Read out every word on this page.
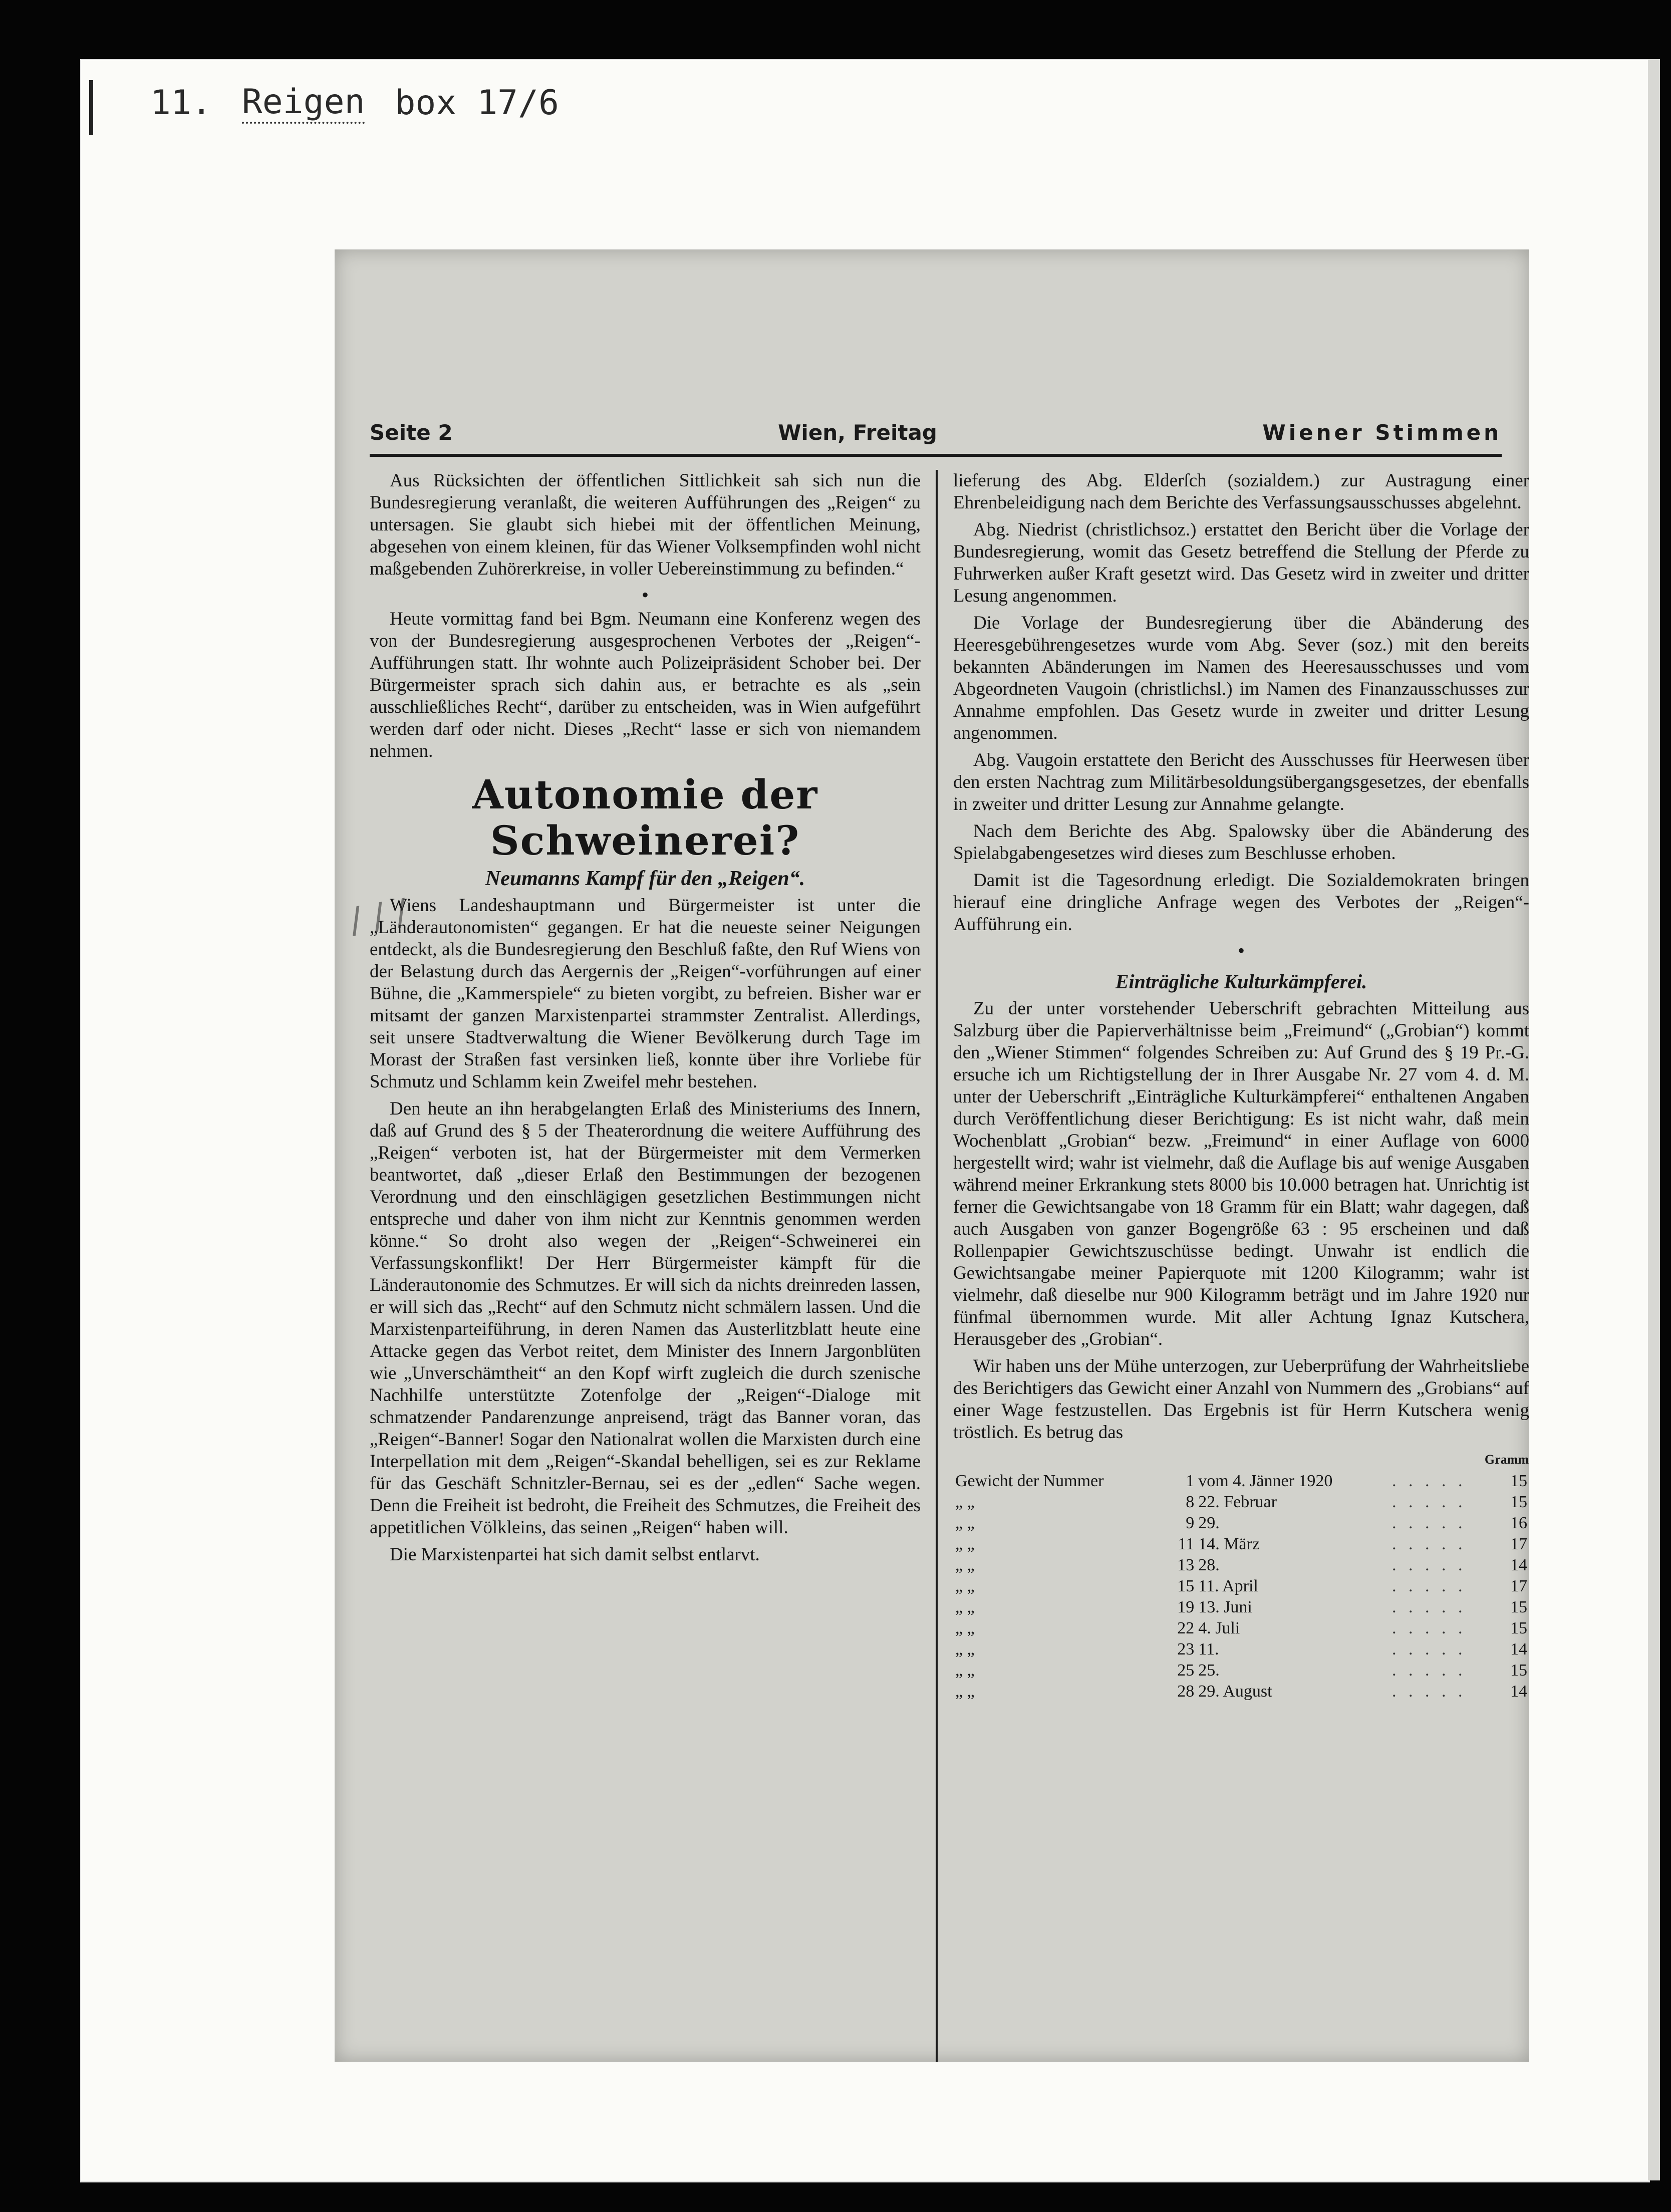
11. Reigen box 17/6
Seite 2	Wien, Freitag	Wiener Stimmen

Aus Rücksichten der öffentlichen Sittlichkeit sah sich nun die Bundesregierung veranlaßt, die weiteren Aufführungen des „Reigen“ zu untersagen. Sie glaubt sich hiebei mit der öffentlichen Meinung, abgesehen von einem kleinen, für das Wiener Volksempfinden wohl nicht maßgebenden Zuhörerkreise, in voller Uebereinstimmung zu befinden.“

•

Heute vormittag fand bei Bgm. Neumann eine Konferenz wegen des von der Bundesregierung ausgesprochenen Verbotes der „Reigen“-Aufführungen statt. Ihr wohnte auch Polizeipräsident Schober bei. Der Bürgermeister sprach sich dahin aus, er betrachte es als „sein ausschließliches Recht“, darüber zu entscheiden, was in Wien aufgeführt werden darf oder nicht. Dieses „Recht“ lasse er sich von niemandem nehmen.

Autonomie der
Schweinerei?
Neumanns Kampf für den „Reigen“.

Wiens Landeshauptmann und Bürgermeister ist unter die „Länderautonomisten“ gegangen. Er hat die neueste seiner Neigungen entdeckt, als die Bundesregierung den Beschluß faßte, den Ruf Wiens von der Belastung durch das Aergernis der „Reigen“-vorführungen auf einer Bühne, die „Kammerspiele“ zu bieten vorgibt, zu befreien. Bisher war er mitsamt der ganzen Marxistenpartei strammster Zentralist. Allerdings, seit unsere Stadtverwaltung die Wiener Bevölkerung durch Tage im Morast der Straßen fast versinken ließ, konnte über ihre Vorliebe für Schmutz und Schlamm kein Zweifel mehr bestehen.

Den heute an ihn herabgelangten Erlaß des Ministeriums des Innern, daß auf Grund des § 5 der Theaterordnung die weitere Aufführung des „Reigen“ verboten ist, hat der Bürgermeister mit dem Vermerken beantwortet, daß „dieser Erlaß den Bestimmungen der bezogenen Verordnung und den einschlägigen gesetzlichen Bestimmungen nicht entspreche und daher von ihm nicht zur Kenntnis genommen werden könne.“ So droht also wegen der „Reigen“-Schweinerei ein Verfassungskonflikt! Der Herr Bürgermeister kämpft für die Länderautonomie des Schmutzes. Er will sich da nichts dreinreden lassen, er will sich das „Recht“ auf den Schmutz nicht schmälern lassen. Und die Marxistenparteiführung, in deren Namen das Austerlitzblatt heute eine Attacke gegen das Verbot reitet, dem Minister des Innern Jargonblüten wie „Unverschämtheit“ an den Kopf wirft zugleich die durch szenische Nachhilfe unterstützte Zotenfolge der „Reigen“-Dialoge mit schmatzender Pandarenzunge anpreisend, trägt das Banner voran, das „Reigen“-Banner! Sogar den Nationalrat wollen die Marxisten durch eine Interpellation mit dem „Reigen“-Skandal behelligen, sei es zur Reklame für das Geschäft Schnitzler-Bernau, sei es der „edlen“ Sache wegen. Denn die Freiheit ist bedroht, die Freiheit des Schmutzes, die Freiheit des appetitlichen Völkleins, das seinen „Reigen“ haben will.

Die Marxistenpartei hat sich damit selbst entlarvt.

lieferung des Abg. Elderſch (sozialdem.) zur Austragung einer Ehrenbeleidigung nach dem Berichte des Verfassungsausschusses abgelehnt.

Abg. Niedrist (christlichsoz.) erstattet den Bericht über die Vorlage der Bundesregierung, womit das Gesetz betreffend die Stellung der Pferde zu Fuhrwerken außer Kraft gesetzt wird. Das Gesetz wird in zweiter und dritter Lesung angenommen.

Die Vorlage der Bundesregierung über die Abänderung des Heeresgebührengesetzes wurde vom Abg. Sever (soz.) mit den bereits bekannten Abänderungen im Namen des Heeresausschusses und vom Abgeordneten Vaugoin (christlichsl.) im Namen des Finanzausschusses zur Annahme empfohlen. Das Gesetz wurde in zweiter und dritter Lesung angenommen.

Abg. Vaugoin erstattete den Bericht des Ausschusses für Heerwesen über den ersten Nachtrag zum Militärbesoldungsübergangsgesetzes, der ebenfalls in zweiter und dritter Lesung zur Annahme gelangte.

Nach dem Berichte des Abg. Spalowsky über die Abänderung des Spielabgabengesetzes wird dieses zum Beschlusse erhoben.

Damit ist die Tagesordnung erledigt. Die Sozialdemokraten bringen hierauf eine dringliche Anfrage wegen des Verbotes der „Reigen“-Aufführung ein.

•
Einträgliche Kulturkämpferei.

Zu der unter vorstehender Ueberschrift gebrachten Mitteilung aus Salzburg über die Papierverhältnisse beim „Freimund“ („Grobian“) kommt den „Wiener Stimmen“ folgendes Schreiben zu: Auf Grund des § 19 Pr.-G. ersuche ich um Richtigstellung der in Ihrer Ausgabe Nr. 27 vom 4. d. M. unter der Ueberschrift „Einträgliche Kulturkämpferei“ enthaltenen Angaben durch Veröffentlichung dieser Berichtigung: Es ist nicht wahr, daß mein Wochenblatt „Grobian“ bezw. „Freimund“ in einer Auflage von 6000 hergestellt wird; wahr ist vielmehr, daß die Auflage bis auf wenige Ausgaben während meiner Erkrankung stets 8000 bis 10.000 betragen hat. Unrichtig ist ferner die Gewichtsangabe von 18 Gramm für ein Blatt; wahr dagegen, daß auch Ausgaben von ganzer Bogengröße 63 : 95 erscheinen und daß Rollenpapier Gewichtszuschüsse bedingt. Unwahr ist endlich die Gewichtsangabe meiner Papierquote mit 1200 Kilogramm; wahr ist vielmehr, daß dieselbe nur 900 Kilogramm beträgt und im Jahre 1920 nur fünfmal übernommen wurde. Mit aller Achtung Ignaz Kutschera, Herausgeber des „Grobian“.

Wir haben uns der Mühe unterzogen, zur Ueberprüfung der Wahrheitsliebe des Berichtigers das Gewicht einer Anzahl von Nummern des „Grobians“ auf einer Wage festzustellen. Das Ergebnis ist für Herrn Kutschera wenig tröstlich. Es betrug das

Gramm				
Gewicht der Nummer	1	vom 4. Jänner 1920	. . . . .	15
„ „	8	22. Februar	. . . . .	15
„ „	9	29.	. . . . .	16
„ „	11	14. März	. . . . .	17
„ „	13	28.	. . . . .	14
„ „	15	11. April	. . . . .	17
„ „	19	13. Juni	. . . . .	15
„ „	22	4. Juli	. . . . .	15
„ „	23	11.	. . . . .	14
„ „	25	25.	. . . . .	15
„ „	28	29. August	. . . . .	14
/ / /
